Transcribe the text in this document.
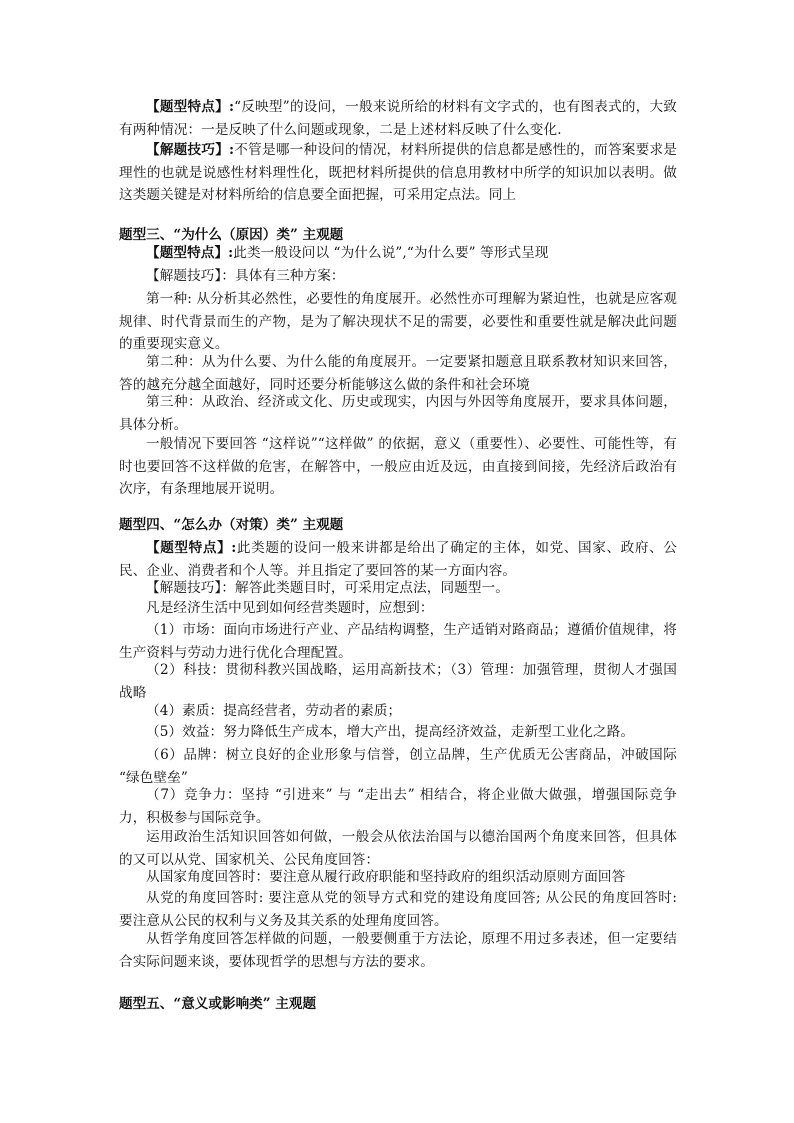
【题型特点】:“反映型”的设问，一般来说所给的材料有文字式的，也有图表式的，大致有两种情况：一是反映了什么问题或现象，二是上述材料反映了什么变化.

【解题技巧】:不管是哪一种设问的情况，材料所提供的信息都是感性的，而答案要求是理性的也就是说感性材料理性化，既把材料所提供的信息用教材中所学的知识加以表明。做这类题关键是对材料所给的信息要全面把握，可采用定点法。同上

题型三、“为什么（原因）类” 主观题

【题型特点】:此类一般设问以 “为什么说”,“为什么要” 等形式呈现

【解题技巧】：具体有三种方案：

第一种: 从分析其必然性，必要性的角度展开。必然性亦可理解为紧迫性，也就是应客观规律、时代背景而生的产物，是为了解决现状不足的需要，必要性和重要性就是解决此问题的重要现实意义。

第二种：从为什么要、为什么能的角度展开。一定要紧扣题意且联系教材知识来回答，答的越充分越全面越好，同时还要分析能够这么做的条件和社会环境

第三种：从政治、经济或文化、历史或现实，内因与外因等角度展开，要求具体问题，具体分析。

一般情况下要回答 “这样说”“这样做” 的依据，意义（重要性）、必要性、可能性等，有时也要回答不这样做的危害，在解答中，一般应由近及远，由直接到间接，先经济后政治有次序，有条理地展开说明。

题型四、“怎么办（对策）类” 主观题

【题型特点】:此类题的设问一般来讲都是给出了确定的主体，如党、国家、政府、公民、企业、消费者和个人等。并且指定了要回答的某一方面内容。

【解题技巧】：解答此类题目时，可采用定点法，同题型一。

凡是经济生活中见到如何经营类题时，应想到：

（1）市场：面向市场进行产业、产品结构调整，生产适销对路商品；遵循价值规律，将生产资料与劳动力进行优化合理配置。

（2）科技：贯彻科教兴国战略，运用高新技术；（3）管理：加强管理，贯彻人才强国战略

（4）素质：提高经营者，劳动者的素质；

（5）效益：努力降低生产成本，增大产出，提高经济效益，走新型工业化之路。

（6）品牌：树立良好的企业形象与信誉，创立品牌，生产优质无公害商品，冲破国际 “绿色壁垒”

（7）竞争力：坚持 “引进来” 与 “走出去” 相结合，将企业做大做强，增强国际竞争力，积极参与国际竞争。

运用政治生活知识回答如何做，一般会从依法治国与以德治国两个角度来回答，但具体的又可以从党、国家机关、公民角度回答：

从国家角度回答时：要注意从履行政府职能和坚持政府的组织活动原则方面回答

从党的角度回答时: 要注意从党的领导方式和党的建设角度回答; 从公民的角度回答时: 要注意从公民的权利与义务及其关系的处理角度回答。

从哲学角度回答怎样做的问题，一般要侧重于方法论，原理不用过多表述，但一定要结合实际问题来谈，要体现哲学的思想与方法的要求。

题型五、“意义或影响类” 主观题
